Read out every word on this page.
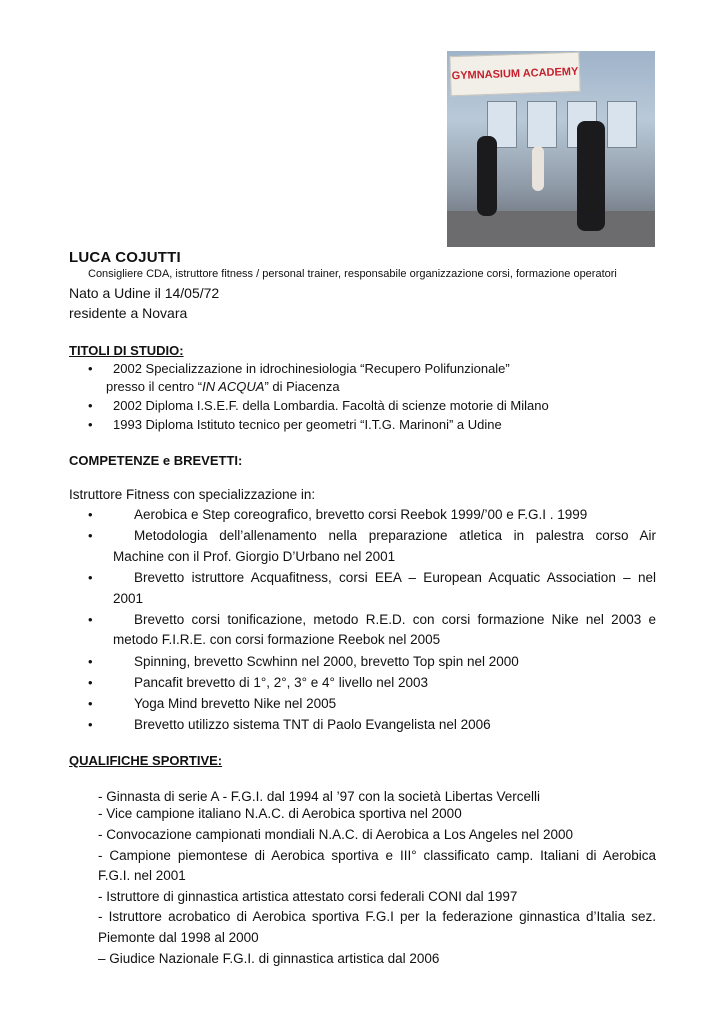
GYMNASIUM ACADEMY
LUCA COJUTTI
Consigliere CDA, istruttore fitness / personal trainer, responsabile organizzazione corsi, formazione operatori
Nato a Udine il 14/05/72
residente a Novara
TITOLI DI STUDIO:
• 2002 Specializzazione in idrochinesiologia “Recupero Polifunzionale”
presso il centro “IN ACQUA” di Piacenza
• 2002 Diploma I.S.E.F. della Lombardia. Facoltà di scienze motorie di Milano
• 1993 Diploma Istituto tecnico per geometri “I.T.G. Marinoni” a Udine
COMPETENZE e BREVETTI:
Istruttore Fitness con specializzazione in:
•	Aerobica e Step coreografico, brevetto corsi Reebok 1999/’00 e F.G.I . 1999
•	Metodologia dell’allenamento nella preparazione atletica in palestra corso Air
Machine con il Prof. Giorgio D’Urbano nel 2001
•	Brevetto istruttore Acquafitness, corsi EEA – European Acquatic Association – nel
2001
•	Brevetto corsi tonificazione, metodo R.E.D. con corsi formazione Nike nel 2003 e
metodo F.I.R.E. con corsi formazione Reebok nel 2005
•	Spinning, brevetto Scwhinn nel 2000, brevetto Top spin nel 2000
•	Pancafit brevetto di 1°, 2°, 3° e 4° livello nel 2003
•	Yoga Mind brevetto Nike nel 2005
•	Brevetto utilizzo sistema TNT di Paolo Evangelista nel 2006
QUALIFICHE SPORTIVE:
- Ginnasta di serie A - F.G.I. dal 1994 al ’97 con la società Libertas Vercelli
- Vice campione italiano N.A.C. di Aerobica sportiva nel 2000
- Convocazione campionati mondiali N.A.C. di Aerobica a Los Angeles nel 2000
- Campione piemontese di Aerobica sportiva e III° classificato camp. Italiani di Aerobica
F.G.I. nel 2001
- Istruttore di ginnastica artistica attestato corsi federali CONI dal 1997
- Istruttore acrobatico di Aerobica sportiva F.G.I per la federazione ginnastica d’Italia sez.
Piemonte dal 1998 al 2000
– Giudice Nazionale F.G.I. di ginnastica artistica dal 2006
